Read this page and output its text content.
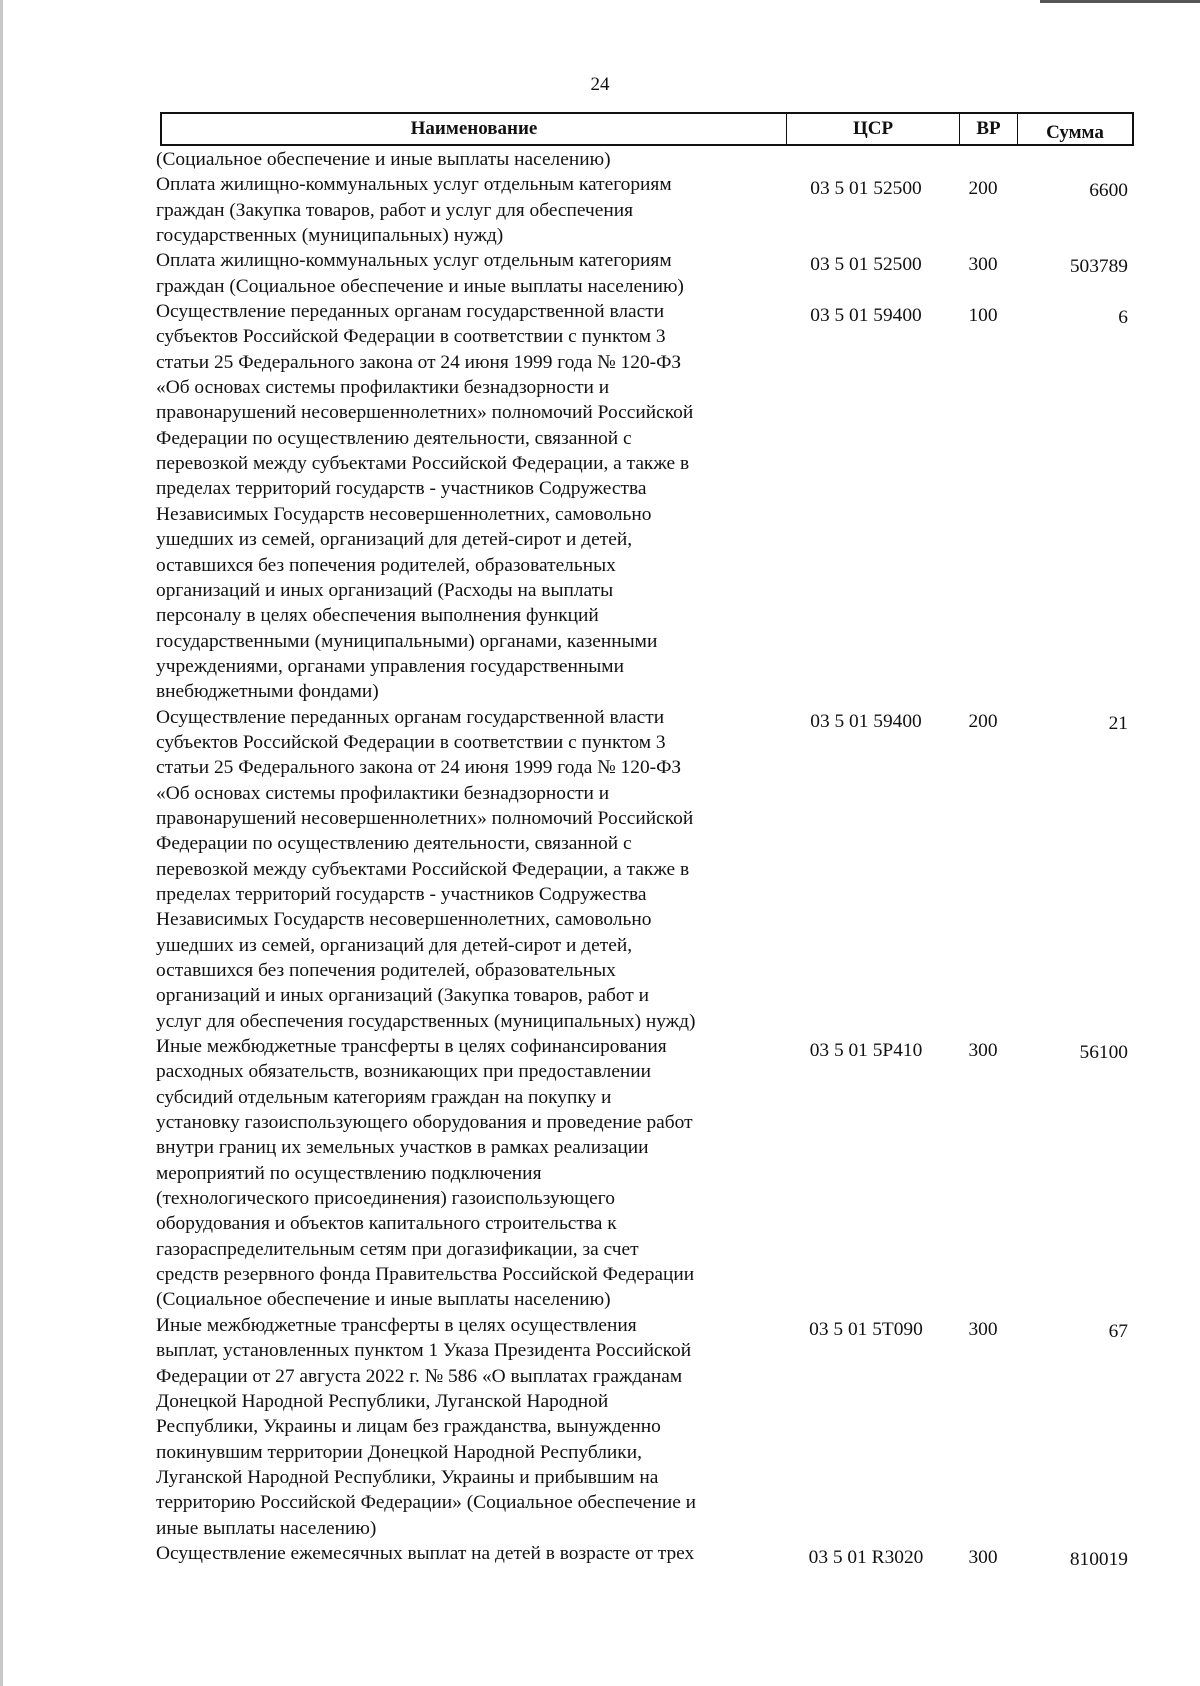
24
Наименование	ЦСР	ВР	Сумма
(Социальное обеспечение и иные выплаты населению)
Оплата жилищно-коммунальных услуг отдельным категориям
граждан (Закупка товаров, работ и услуг для обеспечения
государственных (муниципальных) нужд)
03 5 01 52500	200	6600
Оплата жилищно-коммунальных услуг отдельным категориям
граждан (Социальное обеспечение и иные выплаты населению)
03 5 01 52500	300	503789
Осуществление переданных органам государственной власти
субъектов Российской Федерации в соответствии с пунктом 3
статьи 25 Федерального закона от 24 июня 1999 года № 120-ФЗ
«Об основах системы профилактики безнадзорности и
правонарушений несовершеннолетних» полномочий Российской
Федерации по осуществлению деятельности, связанной с
перевозкой между субъектами Российской Федерации, а также в
пределах территорий государств - участников Содружества
Независимых Государств несовершеннолетних, самовольно
ушедших из семей, организаций для детей-сирот и детей,
оставшихся без попечения родителей, образовательных
организаций и иных организаций (Расходы на выплаты
персоналу в целях обеспечения выполнения функций
государственными (муниципальными) органами, казенными
учреждениями, органами управления государственными
внебюджетными фондами)
03 5 01 59400	100	6
Осуществление переданных органам государственной власти
субъектов Российской Федерации в соответствии с пунктом 3
статьи 25 Федерального закона от 24 июня 1999 года № 120-ФЗ
«Об основах системы профилактики безнадзорности и
правонарушений несовершеннолетних» полномочий Российской
Федерации по осуществлению деятельности, связанной с
перевозкой между субъектами Российской Федерации, а также в
пределах территорий государств - участников Содружества
Независимых Государств несовершеннолетних, самовольно
ушедших из семей, организаций для детей-сирот и детей,
оставшихся без попечения родителей, образовательных
организаций и иных организаций (Закупка товаров, работ и
услуг для обеспечения государственных (муниципальных) нужд)
03 5 01 59400	200	21
Иные межбюджетные трансферты в целях софинансирования
расходных обязательств, возникающих при предоставлении
субсидий отдельным категориям граждан на покупку и
установку газоиспользующего оборудования и проведение работ
внутри границ их земельных участков в рамках реализации
мероприятий по осуществлению подключения
(технологического присоединения) газоиспользующего
оборудования и объектов капитального строительства к
газораспределительным сетям при догазификации, за счет
средств резервного фонда Правительства Российской Федерации
(Социальное обеспечение и иные выплаты населению)
03 5 01 5P410	300	56100
Иные межбюджетные трансферты в целях осуществления
выплат, установленных пунктом 1 Указа Президента Российской
Федерации от 27 августа 2022 г. № 586 «О выплатах гражданам
Донецкой Народной Республики, Луганской Народной
Республики, Украины и лицам без гражданства, вынужденно
покинувшим территории Донецкой Народной Республики,
Луганской Народной Республики, Украины и прибывшим на
территорию Российской Федерации» (Социальное обеспечение и
иные выплаты населению)
03 5 01 5T090	300	67
Осуществление ежемесячных выплат на детей в возрасте от трех	03 5 01 R3020	300	810019
